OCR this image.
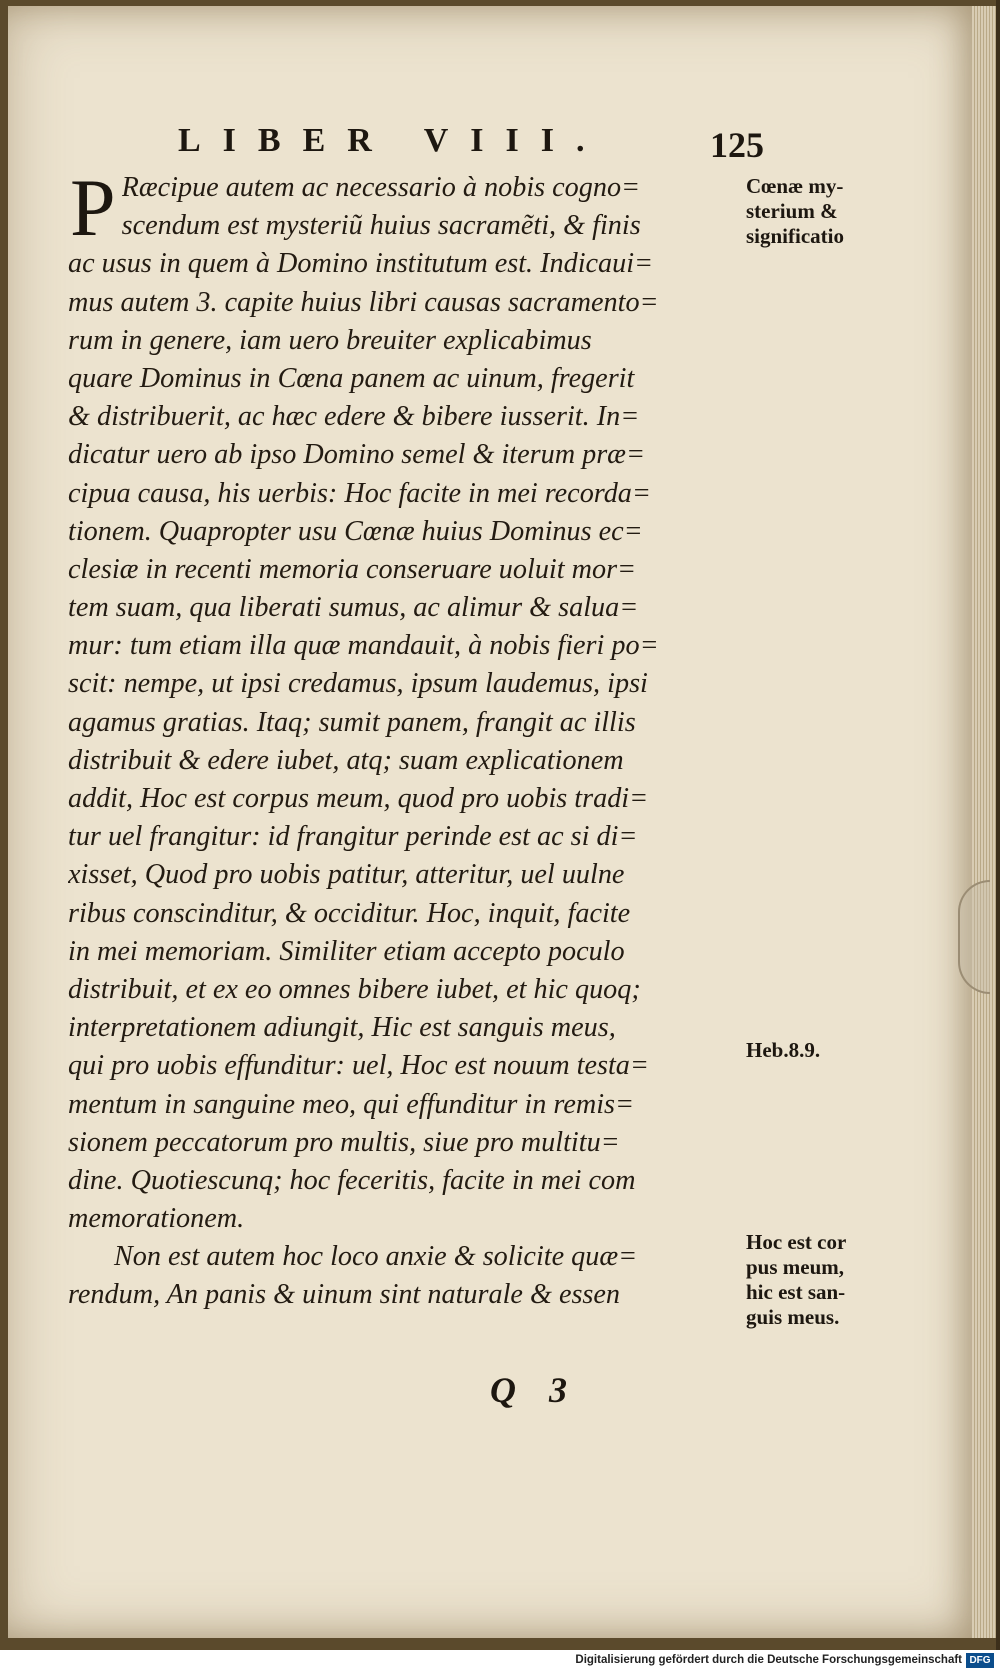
LIBER VIII.	125
P Ræcipue autem ac necessario à nobis cogno=
scendum est mysteriũ huius sacramẽti, & finis
ac usus in quem à Domino institutum est. Indicaui=
mus autem 3. capite huius libri causas sacramento=
rum in genere, iam uero breuiter explicabimus
quare Dominus in Cœna panem ac uinum, fregerit
& distribuerit, ac hæc edere & bibere iusserit. In=
dicatur uero ab ipso Domino semel & iterum præ=
cipua causa, his uerbis: Hoc facite in mei recorda=
tionem. Quapropter usu Cœnæ huius Dominus ec=
clesiæ in recenti memoria conseruare uoluit mor=
tem suam, qua liberati sumus, ac alimur & salua=
mur: tum etiam illa quæ mandauit, à nobis fieri po=
scit: nempe, ut ipsi credamus, ipsum laudemus, ipsi
agamus gratias. Itaq; sumit panem, frangit ac illis
distribuit & edere iubet, atq; suam explicationem
addit, Hoc est corpus meum, quod pro uobis tradi=
tur uel frangitur: id frangitur perinde est ac si di=
xisset, Quod pro uobis patitur, atteritur, uel uulne
ribus conscinditur, & occiditur. Hoc, inquit, facite
in mei memoriam. Similiter etiam accepto poculo
distribuit, et ex eo omnes bibere iubet, et hic quoq;
interpretationem adiungit, Hic est sanguis meus,
qui pro uobis effunditur: uel, Hoc est nouum testa=
mentum in sanguine meo, qui effunditur in remis=
sionem peccatorum pro multis, siue pro multitu=
dine. Quotiescunq; hoc feceritis, facite in mei com
memorationem.
Non est autem hoc loco anxie & solicite quæ=
rendum, An panis & uinum sint naturale & essen
Cœnæ my-
sterium &
significatio
Heb.8.9.
Hoc est cor
pus meum,
hic est san-
guis meus.
Q 3
Digitalisierung gefördert durch die Deutsche Forschungsgemeinschaft DFG
